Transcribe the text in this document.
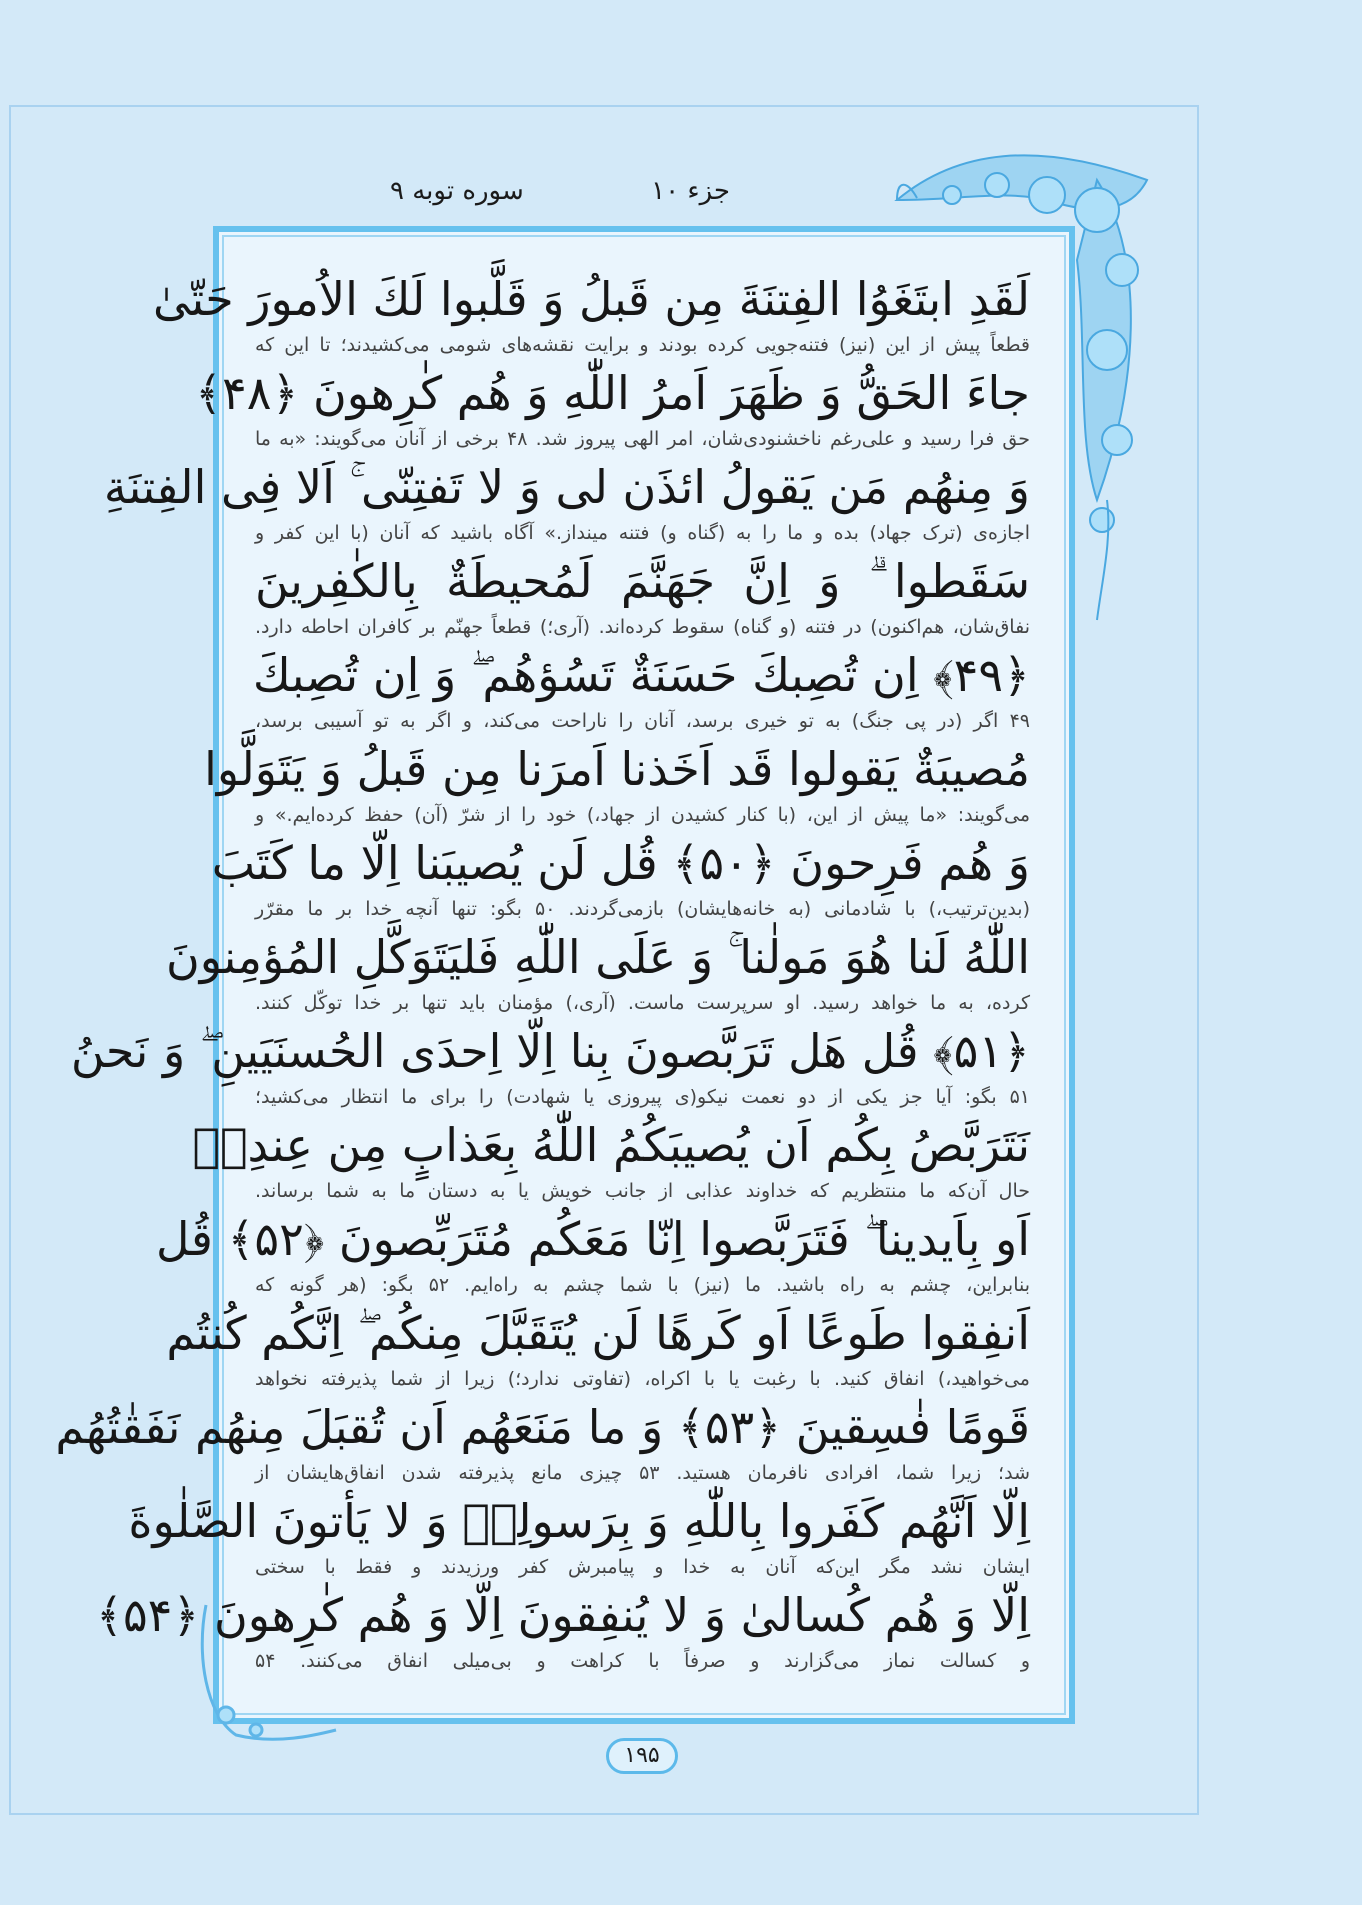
جزء ۱۰
سوره توبه ۹
لَقَدِ ابتَغَوُا الفِتنَةَ مِن قَبلُ وَ قَلَّبوا لَكَ الاُمورَ حَتّیٰ
قطعاً پیش از این (نیز) فتنه‌جویی کرده بودند و برایت نقشه‌های شومی می‌کشیدند؛ تا این که
جاءَ الحَقُّ وَ ظَهَرَ اَمرُ اللّٰهِ وَ هُم كٰرِهونَ ﴿۴۸﴾
حق فرا رسید و علی‌رغم ناخشنودی‌شان، امر الهی پیروز شد. ۴۸ برخی از آنان می‌گویند: «به ما
وَ مِنهُم مَن يَقولُ ائذَن لی وَ لا تَفتِنّی ۚ اَلا فِی الفِتنَةِ
اجازه‌ی (ترک جهاد) بده و ما را به (گناه و) فتنه مینداز.» آگاه باشید که آنان (با این کفر و
سَقَطوا ۗ وَ اِنَّ جَهَنَّمَ لَمُحيطَةٌ بِالكٰفِرينَ
نفاق‌شان، هم‌اکنون) در فتنه (و گناه) سقوط کرده‌اند. (آری؛) قطعاً جهنّم بر کافران احاطه دارد.
﴿۴۹﴾ اِن تُصِبكَ حَسَنَةٌ تَسُؤهُم ۖ وَ اِن تُصِبكَ
۴۹ اگر (در پی جنگ) به تو خیری برسد، آنان را ناراحت می‌کند، و اگر به تو آسیبی برسد،
مُصيبَةٌ يَقولوا قَد اَخَذنا اَمرَنا مِن قَبلُ وَ يَتَوَلَّوا
می‌گویند: «ما پیش از این، (با کنار کشیدن از جهاد،) خود را از شرّ (آن) حفظ کرده‌ایم.» و
وَ هُم فَرِحونَ ﴿۵۰﴾ قُل لَن يُصيبَنا اِلّا ما كَتَبَ
(بدین‌ترتیب،) با شادمانی (به خانه‌هایشان) بازمی‌گردند. ۵۰ بگو: تنها آنچه خدا بر ما مقرّر
اللّٰهُ لَنا هُوَ مَولٰنا ۚ وَ عَلَى اللّٰهِ فَليَتَوَكَّلِ المُؤمِنونَ
کرده، به ما خواهد رسید. او سرپرست ماست. (آری،) مؤمنان باید تنها بر خدا توکّل کنند.
﴿۵۱﴾ قُل هَل تَرَبَّصونَ بِنا اِلّا اِحدَى الحُسنَيَينِ ۖ وَ نَحنُ
۵۱ بگو: آیا جز یکی از دو نعمت نیکو(ی پیروزی یا شهادت) را برای ما انتظار می‌کشید؛
نَتَرَبَّصُ بِكُم اَن يُصيبَكُمُ اللّٰهُ بِعَذابٍ مِن عِندِهٖ
حال آن‌که ما منتظریم که خداوند عذابی از جانب خویش یا به دستان ما به شما برساند.
اَو بِاَيدينا ۖ فَتَرَبَّصوا اِنّا مَعَكُم مُتَرَبِّصونَ ﴿۵۲﴾ قُل
بنابراین، چشم به راه باشید. ما (نیز) با شما چشم به راه‌ایم. ۵۲ بگو: (هر گونه که
اَنفِقوا طَوعًا اَو كَرهًا لَن يُتَقَبَّلَ مِنكُم ۖ اِنَّكُم كُنتُم
می‌خواهید،) انفاق کنید. با رغبت یا با اکراه، (تفاوتی ندارد؛) زیرا از شما پذیرفته نخواهد
قَومًا فٰسِقينَ ﴿۵۳﴾ وَ ما مَنَعَهُم اَن تُقبَلَ مِنهُم نَفَقٰتُهُم
شد؛ زیرا شما، افرادی نافرمان هستید. ۵۳ چیزی مانع پذیرفته شدن انفاق‌هایشان از
اِلّا اَنَّهُم كَفَروا بِاللّٰهِ وَ بِرَسولِهٖ وَ لا يَأتونَ الصَّلٰوةَ
ایشان نشد مگر این‌که آنان به خدا و پیامبرش کفر ورزیدند و فقط با سختی
اِلّا وَ هُم كُسالىٰ وَ لا يُنفِقونَ اِلّا وَ هُم كٰرِهونَ ﴿۵۴﴾
و کسالت نماز می‌گزارند و صرفاً با کراهت و بی‌میلی انفاق می‌کنند. ۵۴
۱۹۵
